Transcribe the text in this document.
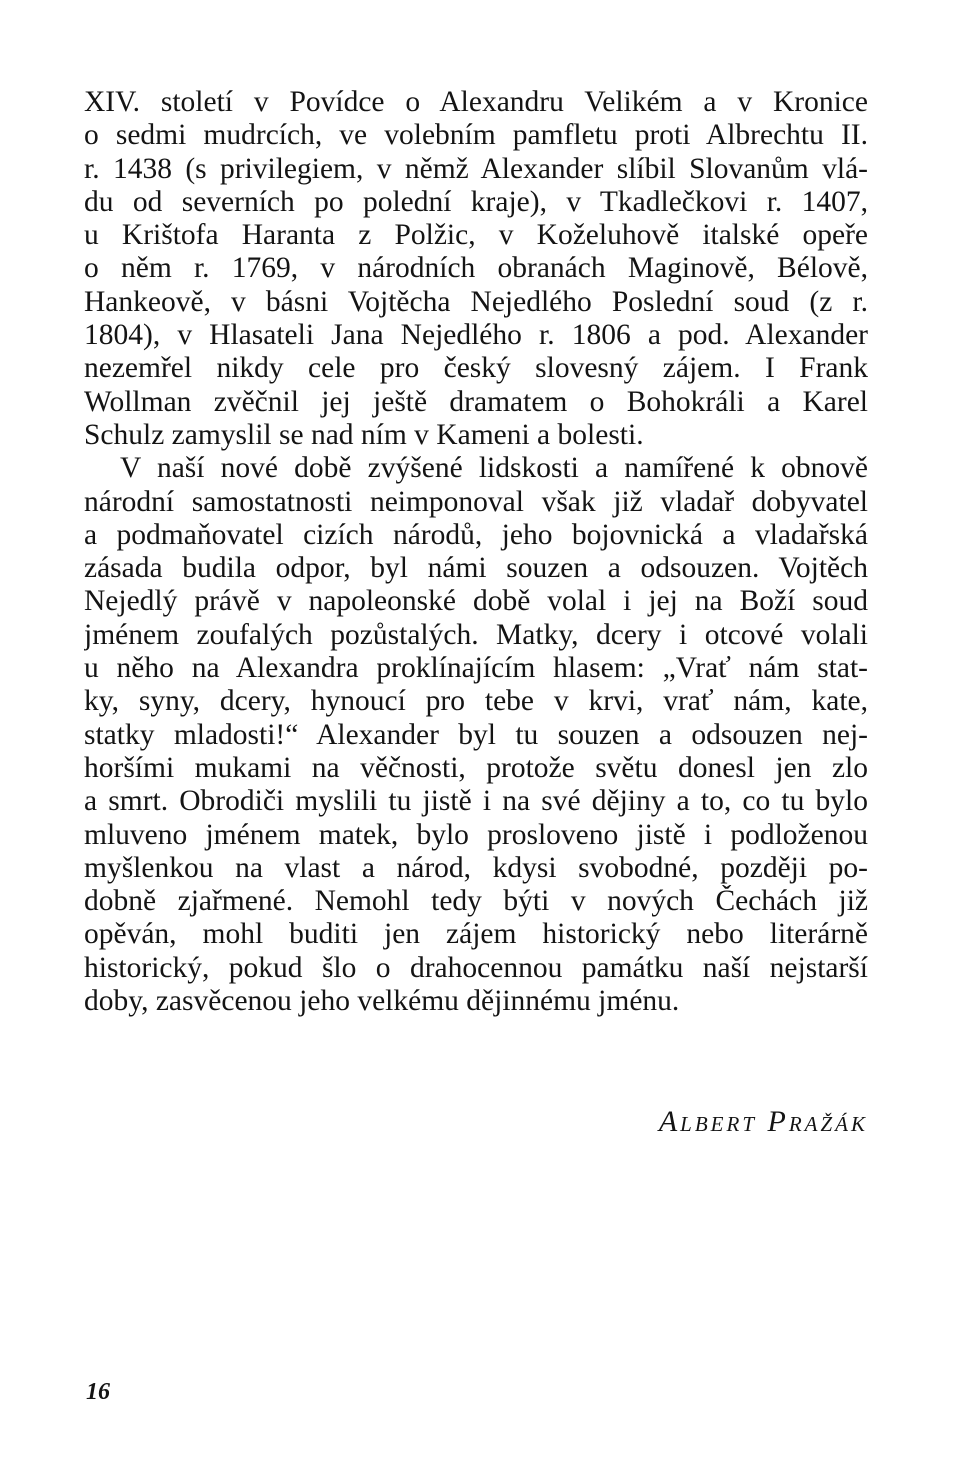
XIV. století v Povídce o Alexandru Velikém a v Kronice
o sedmi mudrcích, ve volebním pamfletu proti Albrechtu II.
r. 1438 (s privilegiem, v němž Alexander slíbil Slovanům vlá-
du od severních po polední kraje), v Tkadlečkovi r. 1407,
u Krištofa Haranta z Polžic, v Koželuhově italské opeře
o něm r. 1769, v národních obranách Maginově, Bélově,
Hankeově, v básni Vojtěcha Nejedlého Poslední soud (z r.
1804), v Hlasateli Jana Nejedlého r. 1806 a pod. Alexander
nezemřel nikdy cele pro český slovesný zájem. I Frank
Wollman zvěčnil jej ještě dramatem o Bohokráli a Karel
Schulz zamyslil se nad ním v Kameni a bolesti.
V naší nové době zvýšené lidskosti a namířené k obnově
národní samostatnosti neimponoval však již vladař dobyvatel
a podmaňovatel cizích národů, jeho bojovnická a vladařská
zásada budila odpor, byl námi souzen a odsouzen. Vojtěch
Nejedlý právě v napoleonské době volal i jej na Boží soud
jménem zoufalých pozůstalých. Matky, dcery i otcové volali
u něho na Alexandra proklínajícím hlasem: „Vrať nám stat-
ky, syny, dcery, hynoucí pro tebe v krvi, vrať nám, kate,
statky mladosti!“ Alexander byl tu souzen a odsouzen nej-
horšími mukami na věčnosti, protože světu donesl jen zlo
a smrt. Obrodiči myslili tu jistě i na své dějiny a to, co tu bylo
mluveno jménem matek, bylo prosloveno jistě i podloženou
myšlenkou na vlast a národ, kdysi svobodné, později po-
dobně zjařmené. Nemohl tedy býti v nových Čechách již
opěván, mohl buditi jen zájem historický nebo literárně
historický, pokud šlo o drahocennou památku naší nejstarší
doby, zasvěcenou jeho velkému dějinnému jménu.
Albert Pražák
16
